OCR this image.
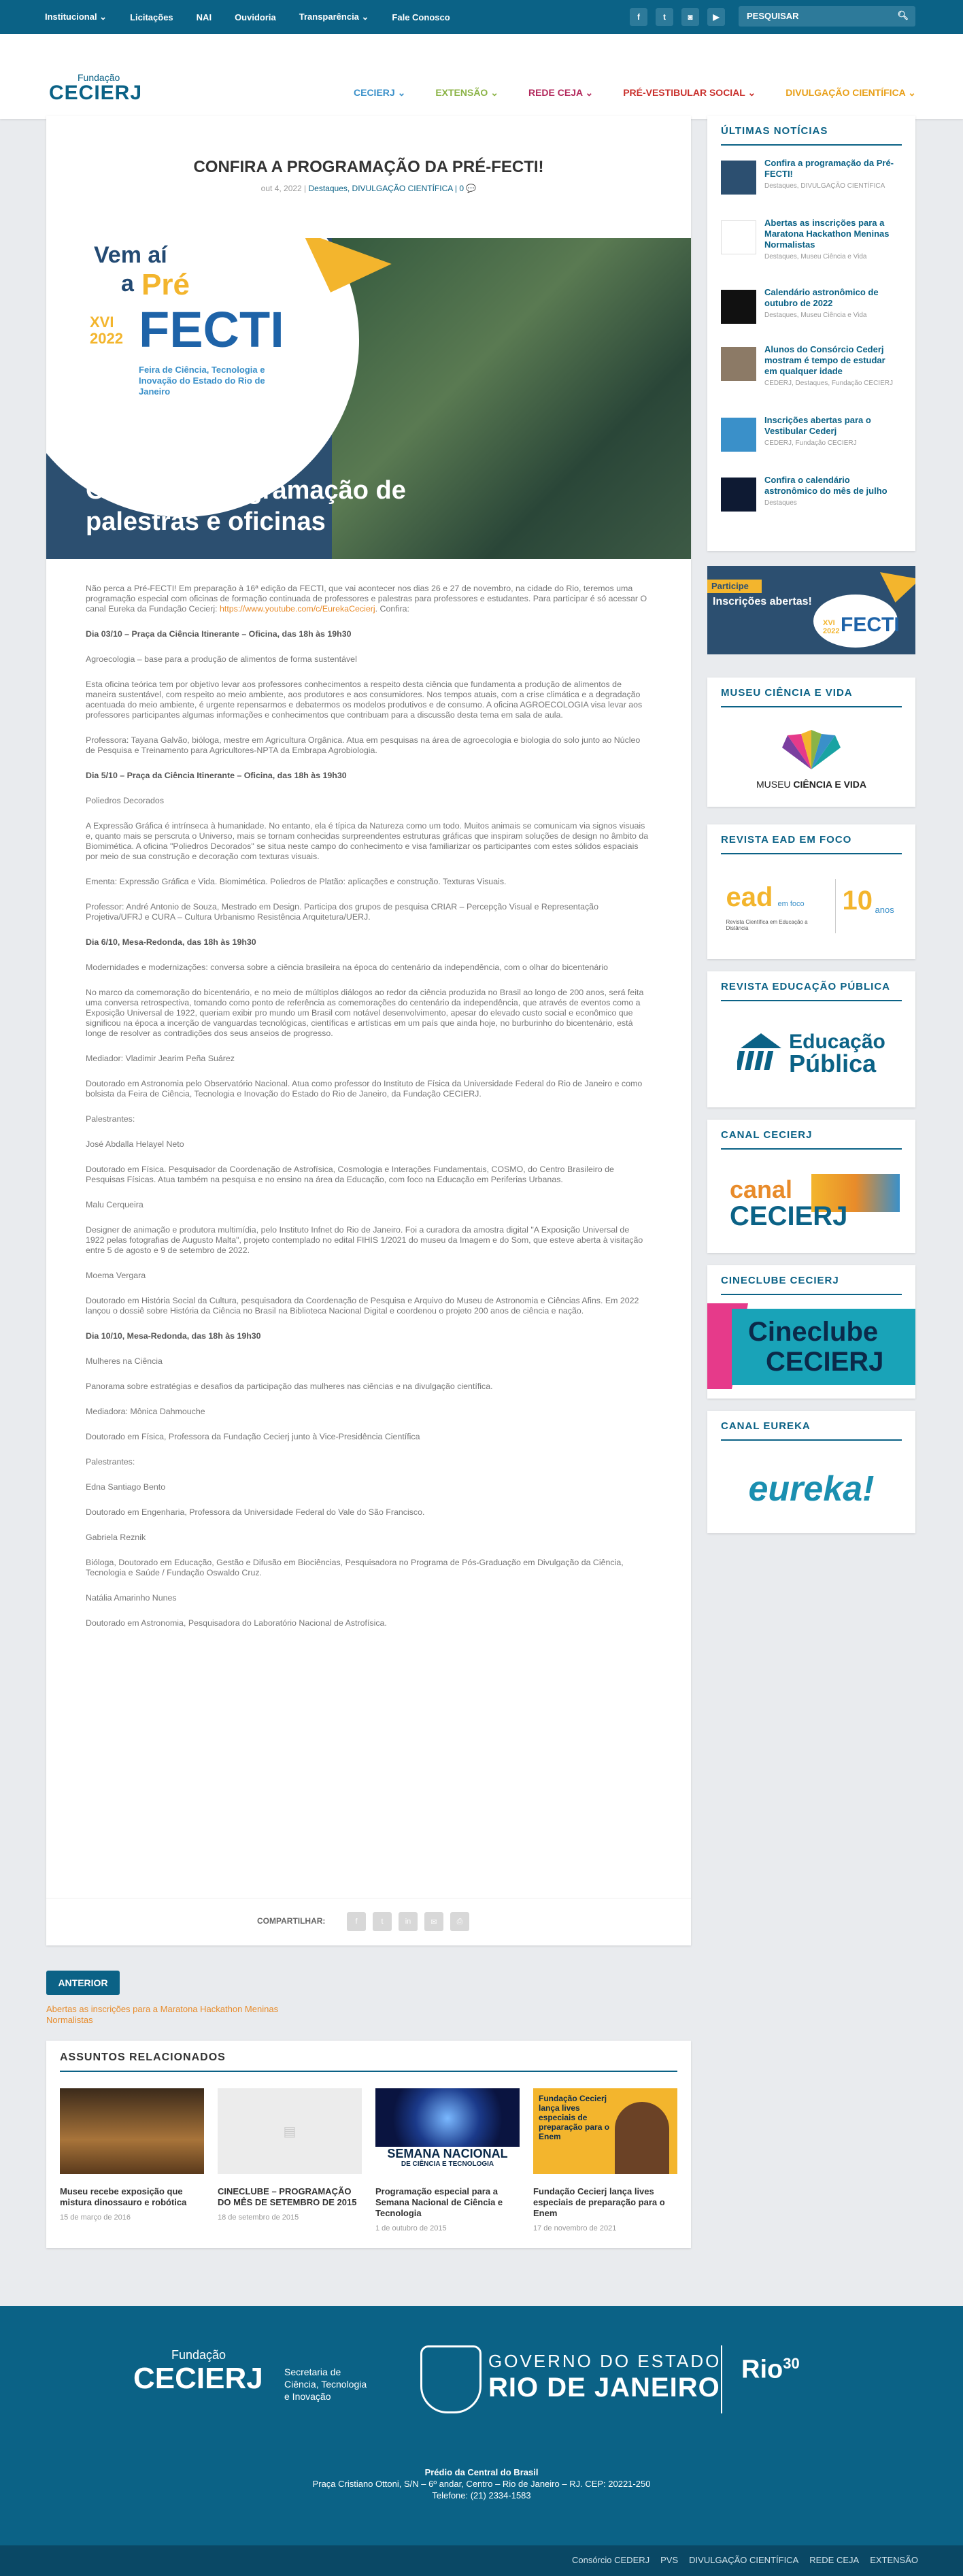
Institucional ⌄	Licitações	NAI	Ouvidoria	Transparência ⌄	Fale Conosco	f	t	◙	▶	PESQUISAR	🔍︎
Fundação
CECIERJ	CECIERJ ⌄	EXTENSÃO ⌄	REDE CEJA ⌄	PRÉ-VESTIBULAR SOCIAL ⌄	DIVULGAÇÃO CIENTÍFICA ⌄
CONFIRA A PROGRAMAÇÃO DA PRÉ-FECTI!
out 4, 2022 | Destaques, DIVULGAÇÃO CIENTÍFICA | 0 💬
Vem aí
a Pré
XVI
2022 FECTI
Feira de Ciência, Tecnologia e Inovação do Estado do Rio de Janeiro
Confira a programação de palestras e oficinas

Não perca a Pré-FECTI! Em preparação à 16ª edição da FECTI, que vai acontecer nos dias 26 e 27 de novembro, na cidade do Rio, teremos uma programação especial com oficinas de formação continuada de professores e palestras para professores e estudantes. Para participar é só acessar O canal Eureka da Fundação Cecierj: https://www.youtube.com/c/EurekaCecierj. Confira:

Dia 03/10 – Praça da Ciência Itinerante – Oficina, das 18h às 19h30

Agroecologia – base para a produção de alimentos de forma sustentável

Esta oficina teórica tem por objetivo levar aos professores conhecimentos a respeito desta ciência que fundamenta a produção de alimentos de maneira sustentável, com respeito ao meio ambiente, aos produtores e aos consumidores. Nos tempos atuais, com a crise climática e a degradação acentuada do meio ambiente, é urgente repensarmos e debatermos os modelos produtivos e de consumo. A oficina AGROECOLOGIA visa levar aos professores participantes algumas informações e conhecimentos que contribuam para a discussão desta tema em sala de aula.

Professora: Tayana Galvão, bióloga, mestre em Agricultura Orgânica. Atua em pesquisas na área de agroecologia e biologia do solo junto ao Núcleo de Pesquisa e Treinamento para Agricultores-NPTA da Embrapa Agrobiologia.

Dia 5/10 – Praça da Ciência Itinerante – Oficina, das 18h às 19h30

Poliedros Decorados

A Expressão Gráfica é intrínseca à humanidade. No entanto, ela é típica da Natureza como um todo. Muitos animais se comunicam via signos visuais e, quanto mais se perscruta o Universo, mais se tornam conhecidas surpreendentes estruturas gráficas que inspiram soluções de design no âmbito da Biomimética. A oficina "Poliedros Decorados" se situa neste campo do conhecimento e visa familiarizar os participantes com estes sólidos espaciais por meio de sua construção e decoração com texturas visuais.

Ementa: Expressão Gráfica e Vida. Biomimética. Poliedros de Platão: aplicações e construção. Texturas Visuais.

Professor: André Antonio de Souza, Mestrado em Design. Participa dos grupos de pesquisa CRIAR – Percepção Visual e Representação Projetiva/UFRJ e CURA – Cultura Urbanismo Resistência Arquitetura/UERJ.

Dia 6/10, Mesa-Redonda, das 18h às 19h30

Modernidades e modernizações: conversa sobre a ciência brasileira na época do centenário da independência, com o olhar do bicentenário

No marco da comemoração do bicentenário, e no meio de múltiplos diálogos ao redor da ciência produzida no Brasil ao longo de 200 anos, será feita uma conversa retrospectiva, tomando como ponto de referência as comemorações do centenário da independência, que através de eventos como a Exposição Universal de 1922, queriam exibir pro mundo um Brasil com notável desenvolvimento, apesar do elevado custo social e econômico que significou na época a incerção de vanguardas tecnológicas, científicas e artísticas em um país que ainda hoje, no burburinho do bicentenário, está longe de resolver as contradições dos seus anseios de progresso.

Mediador: Vladimir Jearim Peña Suárez

Doutorado em Astronomia pelo Observatório Nacional. Atua como professor do Instituto de Física da Universidade Federal do Rio de Janeiro e como bolsista da Feira de Ciência, Tecnologia e Inovação do Estado do Rio de Janeiro, da Fundação CECIERJ.

Palestrantes:

José Abdalla Helayel Neto

Doutorado em Física. Pesquisador da Coordenação de Astrofísica, Cosmologia e Interações Fundamentais, COSMO, do Centro Brasileiro de Pesquisas Físicas. Atua também na pesquisa e no ensino na área da Educação, com foco na Educação em Periferias Urbanas.

Malu Cerqueira

Designer de animação e produtora multimídia, pelo Instituto Infnet do Rio de Janeiro. Foi a curadora da amostra digital "A Exposição Universal de 1922 pelas fotografias de Augusto Malta", projeto contemplado no edital FIHIS 1/2021 do museu da Imagem e do Som, que esteve aberta à visitação entre 5 de agosto e 9 de setembro de 2022.

Moema Vergara

Doutorado em História Social da Cultura, pesquisadora da Coordenação de Pesquisa e Arquivo do Museu de Astronomia e Ciências Afins. Em 2022 lançou o dossiê sobre História da Ciência no Brasil na Biblioteca Nacional Digital e coordenou o projeto 200 anos de ciência e nação.

Dia 10/10, Mesa-Redonda, das 18h às 19h30

Mulheres na Ciência

Panorama sobre estratégias e desafios da participação das mulheres nas ciências e na divulgação científica.

Mediadora: Mônica Dahmouche

Doutorado em Física, Professora da Fundação Cecierj junto à Vice-Presidência Científica

Palestrantes:

Edna Santiago Bento

Doutorado em Engenharia, Professora da Universidade Federal do Vale do São Francisco.

Gabriela Reznik

Bióloga, Doutorado em Educação, Gestão e Difusão em Biociências, Pesquisadora no Programa de Pós-Graduação em Divulgação da Ciência, Tecnologia e Saúde / Fundação Oswaldo Cruz.

Natália Amarinho Nunes

Doutorado em Astronomia, Pesquisadora do Laboratório Nacional de Astrofísica.

COMPARTILHAR:	f	t	in	✉	⎙
ÚLTIMAS NOTÍCIAS
Confira a programação da Pré-FECTI!
Destaques, DIVULGAÇÃO CIENTÍFICA
Abertas as inscrições para a Maratona Hackathon Meninas Normalistas
Destaques, Museu Ciência e Vida
Calendário astronômico de outubro de 2022
Destaques, Museu Ciência e Vida
Alunos do Consórcio Cederj mostram é tempo de estudar em qualquer idade
CEDERJ, Destaques, Fundação CECIERJ
Inscrições abertas para o Vestibular Cederj
CEDERJ, Fundação CECIERJ
Confira o calendário astronômico do mês de julho
Destaques
Participe
Inscrições abertas!
XVI
2022 FECTI
MUSEU CIÊNCIA E VIDA
MUSEU CIÊNCIA E VIDA
REVISTA EAD EM FOCO
ead em foco
Revista Científica em Educação a Distância
10 anos
REVISTA EDUCAÇÃO PÚBLICA
Educação
Pública
CANAL CECIERJ
canal
CECIERJ
CINECLUBE CECIERJ
Cineclube
CECIERJ
CANAL EUREKA
eureka!
ANTERIOR
Abertas as inscrições para a Maratona Hackathon Meninas Normalistas
ASSUNTOS RELACIONADOS
Museu recebe exposição que mistura dinossauro e robótica
15 de março de 2016
▤
CINECLUBE – PROGRAMAÇÃO DO MÊS DE SETEMBRO DE 2015
18 de setembro de 2015
SEMANA NACIONAL
DE CIÊNCIA E TECNOLOGIA
Programação especial para a Semana Nacional de Ciência e Tecnologia
1 de outubro de 2015
Fundação Cecierj lança lives especiais de preparação para o Enem
Fundação Cecierj lança lives especiais de preparação para o Enem
17 de novembro de 2021
Fundação
CECIERJ Secretaria de Ciência, Tecnologia e Inovação
GOVERNO DO ESTADO
RIO DE JANEIRO
Rio$^{30}$
Prédio da Central do Brasil
Praça Cristiano Ottoni, S/N – 6º andar, Centro – Rio de Janeiro – RJ. CEP: 20221-250
Telefone: (21) 2334-1583
Consórcio CEDERJ PVS DIVULGAÇÃO CIENTÍFICA REDE CEJA EXTENSÃO
